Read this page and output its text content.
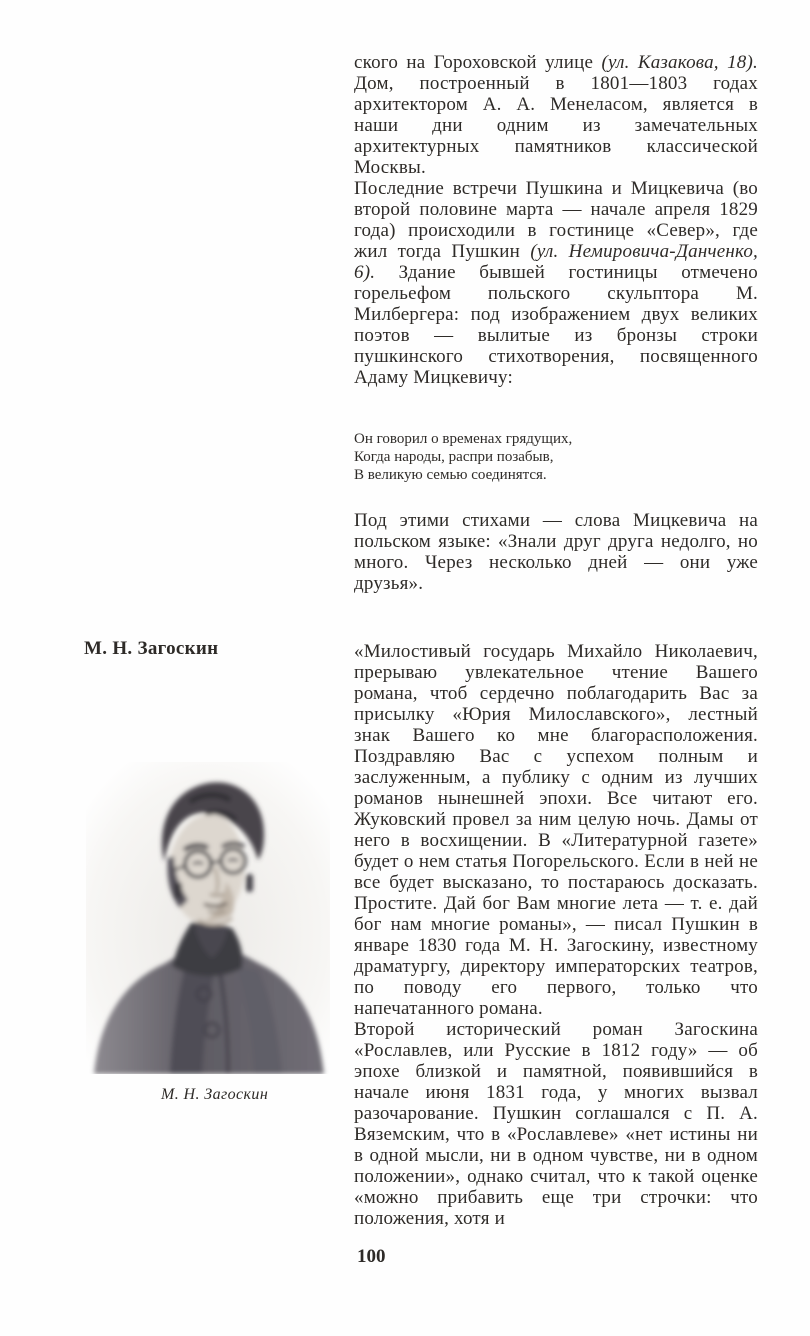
ского на Гороховской улице (ул. Казакова, 18). Дом, построенный в 1801—1803 годах архитектором А. А. Менеласом, является в наши дни одним из замечательных архитектурных памятников классической Москвы.

Последние встречи Пушкина и Мицкевича (во второй половине марта — начале апреля 1829 года) происходили в гостинице «Север», где жил тогда Пушкин (ул. Немировича-Данченко, 6). Здание бывшей гостиницы отмечено горельефом польского скульптора М. Милбергера: под изображением двух великих поэтов — вылитые из бронзы строки пушкинского стихотворения, посвященного Адаму Мицкевичу:

Он говорил о временах грядущих,
Когда народы, распри позабыв,
В великую семью соединятся.

Под этими стихами — слова Мицкевича на польском языке: «Знали друг друга недолго, но много. Через несколько дней — они уже друзья».

М. Н. Загоскин
М. Н. Загоскин

«Милостивый государь Михайло Николаевич, прерываю увлекательное чтение Вашего романа, чтоб сердечно поблагодарить Вас за присылку «Юрия Милославского», лестный знак Вашего ко мне благорасположения. Поздравляю Вас с успехом полным и заслуженным, а публику с одним из лучших романов нынешней эпохи. Все читают его. Жуковский провел за ним целую ночь. Дамы от него в восхищении. В «Литературной газете» будет о нем статья Погорельского. Если в ней не все будет высказано, то постараюсь досказать. Простите. Дай бог Вам многие лета — т. е. дай бог нам многие романы», — писал Пушкин в январе 1830 года М. Н. Загоскину, известному драматургу, директору императорских театров, по поводу его первого, только что напечатанного романа.

Второй исторический роман Загоскина «Рославлев, или Русские в 1812 году» — об эпохе близкой и памятной, появившийся в начале июня 1831 года, у многих вызвал разочарование. Пушкин соглашался с П. А. Вяземским, что в «Рославлеве» «нет истины ни в одной мысли, ни в одном чувстве, ни в одном положении», однако считал, что к такой оценке «можно прибавить еще три строчки: что положения, хотя и

100
